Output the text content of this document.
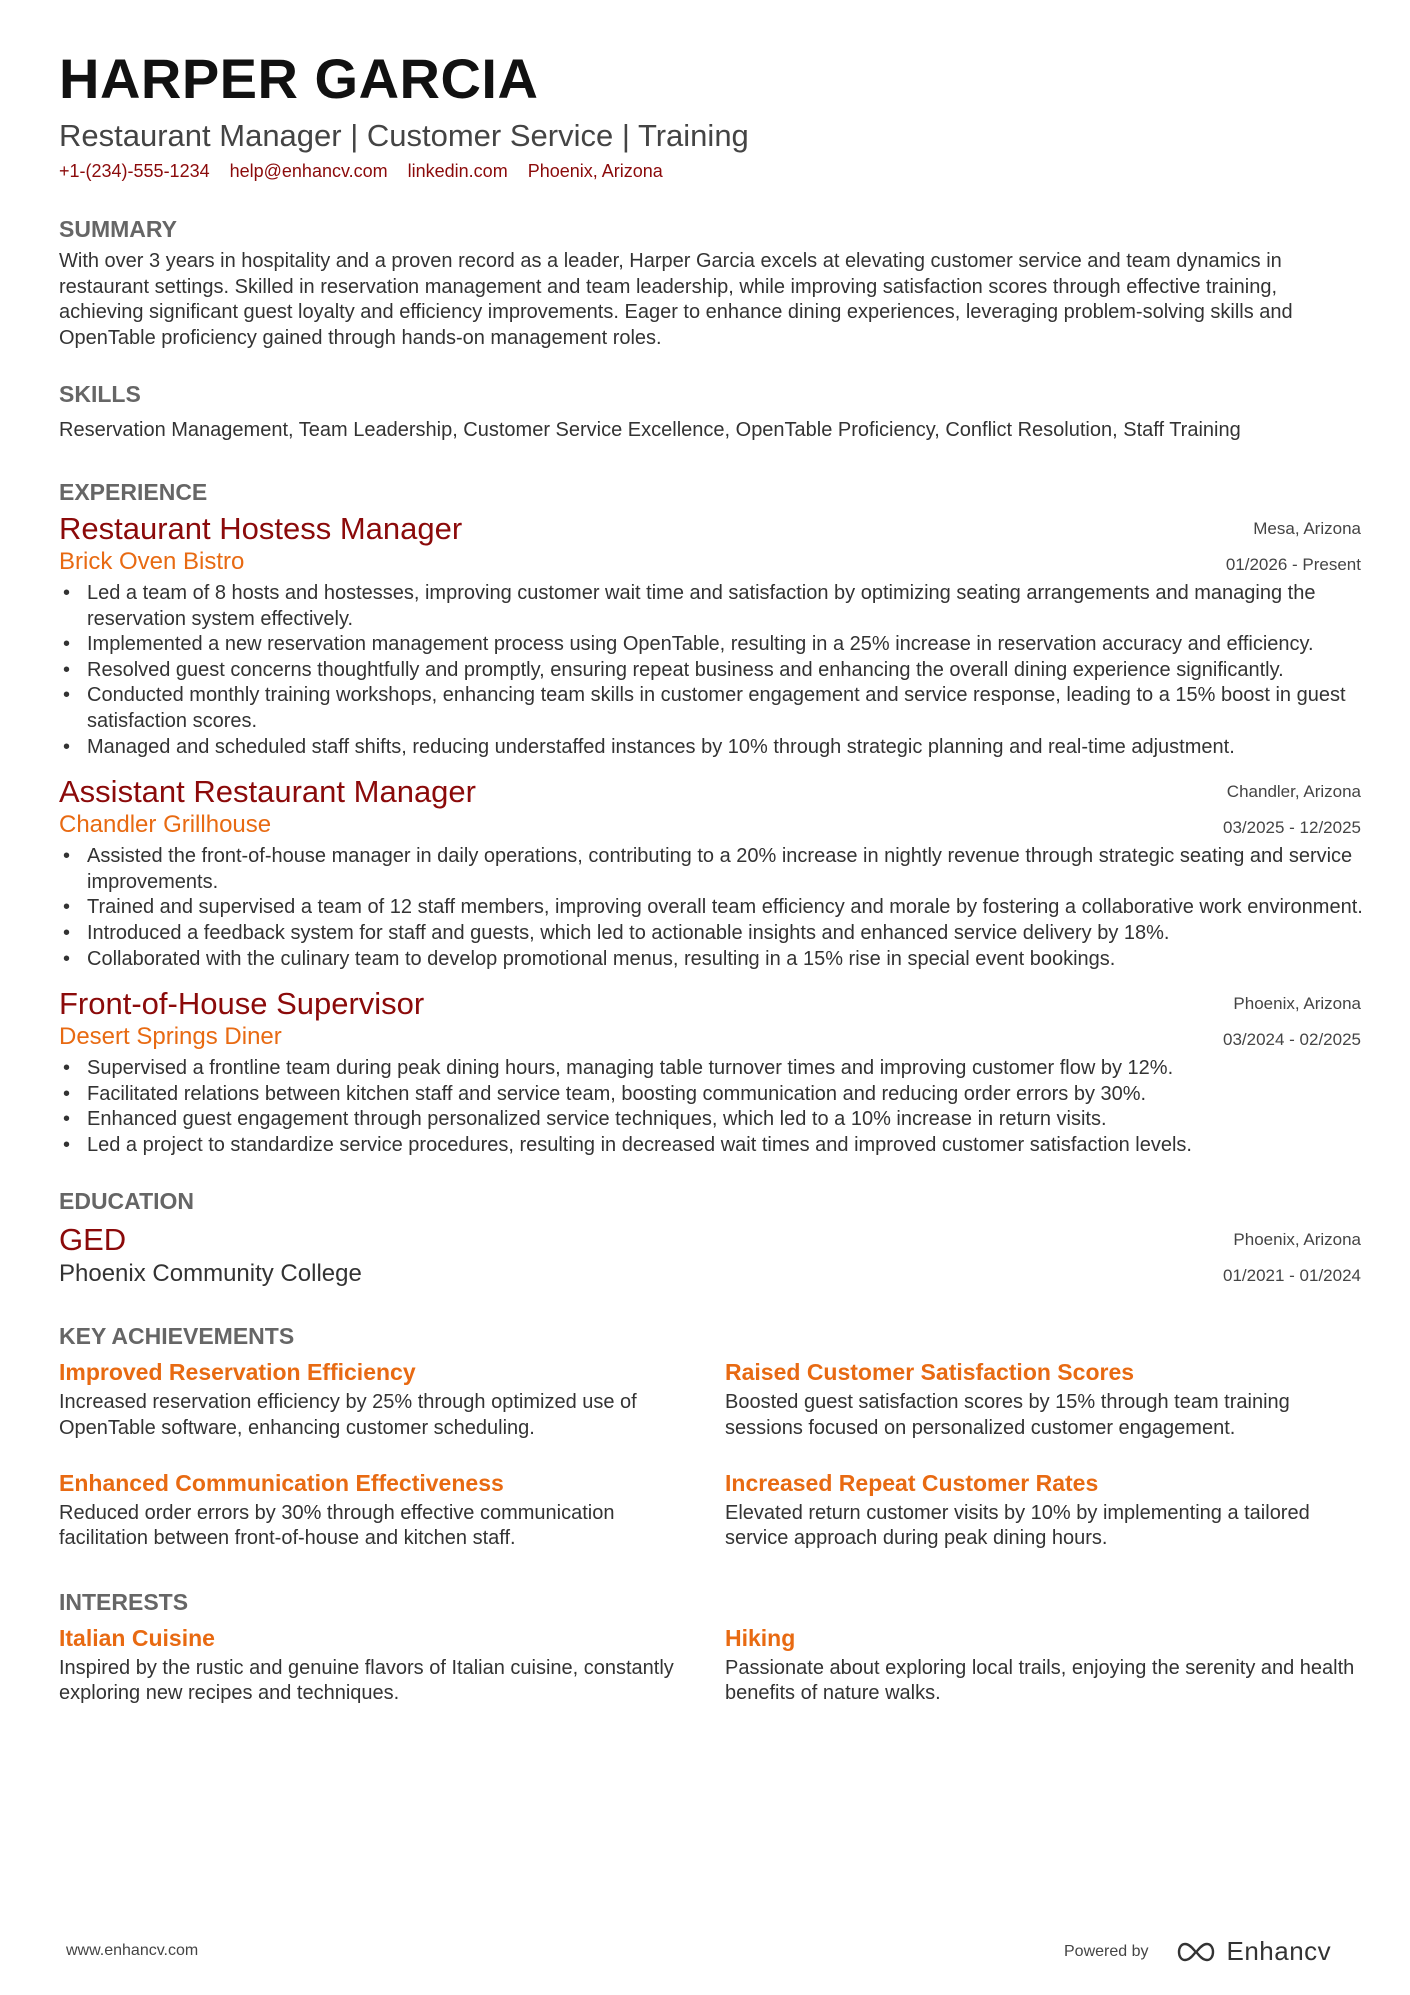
HARPER GARCIA
Restaurant Manager | Customer Service | Training
+1-(234)-555-1234 help@enhancv.com linkedin.com Phoenix, Arizona
SUMMARY
With over 3 years in hospitality and a proven record as a leader, Harper Garcia excels at elevating customer service and team dynamics in restaurant settings. Skilled in reservation management and team leadership, while improving satisfaction scores through effective training, achieving significant guest loyalty and efficiency improvements. Eager to enhance dining experiences, leveraging problem-solving skills and OpenTable proficiency gained through hands-on management roles.
SKILLS
Reservation Management, Team Leadership, Customer Service Excellence, OpenTable Proficiency, Conflict Resolution, Staff Training
EXPERIENCE
Restaurant Hostess Manager
Brick Oven Bistro
Mesa, Arizona
01/2026 - Present
• Led a team of 8 hosts and hostesses, improving customer wait time and satisfaction by optimizing seating arrangements and managing the reservation system effectively.
• Implemented a new reservation management process using OpenTable, resulting in a 25% increase in reservation accuracy and efficiency.
• Resolved guest concerns thoughtfully and promptly, ensuring repeat business and enhancing the overall dining experience significantly.
• Conducted monthly training workshops, enhancing team skills in customer engagement and service response, leading to a 15% boost in guest satisfaction scores.
• Managed and scheduled staff shifts, reducing understaffed instances by 10% through strategic planning and real-time adjustment.
Assistant Restaurant Manager
Chandler Grillhouse
Chandler, Arizona
03/2025 - 12/2025
• Assisted the front-of-house manager in daily operations, contributing to a 20% increase in nightly revenue through strategic seating and service improvements.
• Trained and supervised a team of 12 staff members, improving overall team efficiency and morale by fostering a collaborative work environment.
• Introduced a feedback system for staff and guests, which led to actionable insights and enhanced service delivery by 18%.
• Collaborated with the culinary team to develop promotional menus, resulting in a 15% rise in special event bookings.
Front-of-House Supervisor
Desert Springs Diner
Phoenix, Arizona
03/2024 - 02/2025
• Supervised a frontline team during peak dining hours, managing table turnover times and improving customer flow by 12%.
• Facilitated relations between kitchen staff and service team, boosting communication and reducing order errors by 30%.
• Enhanced guest engagement through personalized service techniques, which led to a 10% increase in return visits.
• Led a project to standardize service procedures, resulting in decreased wait times and improved customer satisfaction levels.
EDUCATION
GED
Phoenix Community College
Phoenix, Arizona
01/2021 - 01/2024
KEY ACHIEVEMENTS
Improved Reservation Efficiency
Increased reservation efficiency by 25% through optimized use of OpenTable software, enhancing customer scheduling.
Raised Customer Satisfaction Scores
Boosted guest satisfaction scores by 15% through team training sessions focused on personalized customer engagement.
Enhanced Communication Effectiveness
Reduced order errors by 30% through effective communication facilitation between front-of-house and kitchen staff.
Increased Repeat Customer Rates
Elevated return customer visits by 10% by implementing a tailored service approach during peak dining hours.
INTERESTS
Italian Cuisine
Inspired by the rustic and genuine flavors of Italian cuisine, constantly exploring new recipes and techniques.
Hiking
Passionate about exploring local trails, enjoying the serenity and health benefits of nature walks.
www.enhancv.com	Powered by	Enhancv
